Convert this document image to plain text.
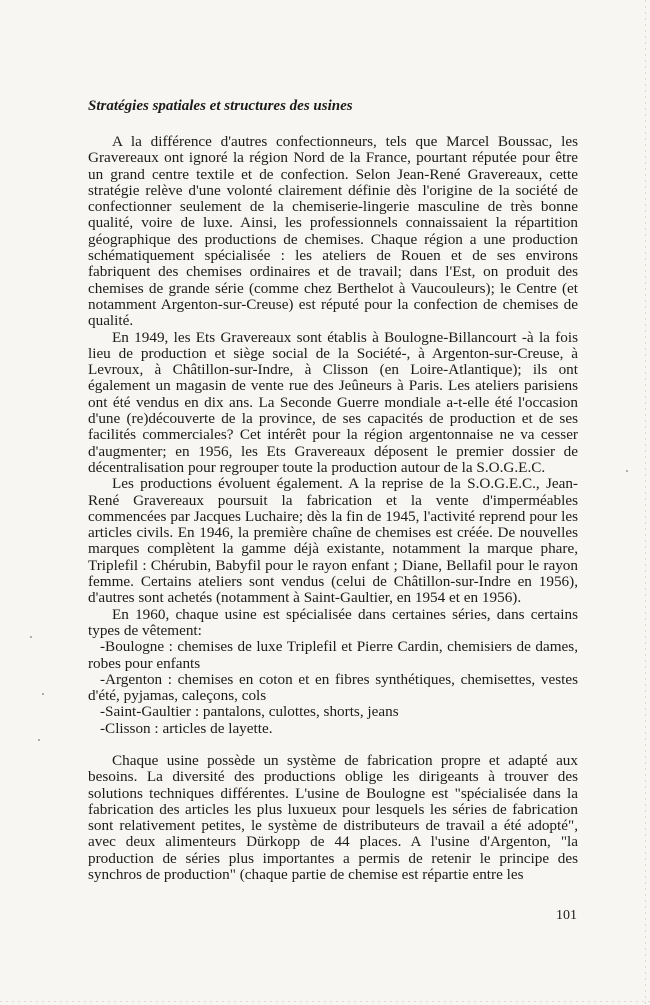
Stratégies spatiales et structures des usines

A la différence d'autres confectionneurs, tels que Marcel Boussac, les Gravereaux ont ignoré la région Nord de la France, pourtant réputée pour être un grand centre textile et de confection. Selon Jean-René Gravereaux, cette stratégie relève d'une volonté clairement définie dès l'origine de la société de confectionner seulement de la chemiserie-lingerie masculine de très bonne qualité, voire de luxe. Ainsi, les professionnels connaissaient la répartition géographique des productions de chemises. Chaque région a une production schématiquement spécialisée : les ateliers de Rouen et de ses environs fabriquent des chemises ordinaires et de travail; dans l'Est, on produit des chemises de grande série (comme chez Berthelot à Vaucouleurs); le Centre (et notamment Argenton-sur-Creuse) est réputé pour la confection de chemises de qualité.

En 1949, les Ets Gravereaux sont établis à Boulogne-Billancourt -à la fois lieu de production et siège social de la Société-, à Argenton-sur-Creuse, à Levroux, à Châtillon-sur-Indre, à Clisson (en Loire-Atlantique); ils ont également un magasin de vente rue des Jeûneurs à Paris. Les ateliers parisiens ont été vendus en dix ans. La Seconde Guerre mondiale a-t-elle été l'occasion d'une (re)découverte de la province, de ses capacités de production et de ses facilités commerciales? Cet intérêt pour la région argentonnaise ne va cesser d'augmenter; en 1956, les Ets Gravereaux déposent le premier dossier de décentralisation pour regrouper toute la production autour de la S.O.G.E.C.

Les productions évoluent également. A la reprise de la S.O.G.E.C., Jean-René Gravereaux poursuit la fabrication et la vente d'imperméables commencées par Jacques Luchaire; dès la fin de 1945, l'activité reprend pour les articles civils. En 1946, la première chaîne de chemises est créée. De nouvelles marques complètent la gamme déjà existante, notamment la marque phare, Triplefil : Chérubin, Babyfil pour le rayon enfant ; Diane, Bellafil pour le rayon femme. Certains ateliers sont vendus (celui de Châtillon-sur-Indre en 1956), d'autres sont achetés (notamment à Saint-Gaultier, en 1954 et en 1956).

En 1960, chaque usine est spécialisée dans certaines séries, dans certains types de vêtement:

-Boulogne : chemises de luxe Triplefil et Pierre Cardin, chemisiers de dames, robes pour enfants
-Argenton : chemises en coton et en fibres synthétiques, chemisettes, vestes d'été, pyjamas, caleçons, cols
-Saint-Gaultier : pantalons, culottes, shorts, jeans
-Clisson : articles de layette.

Chaque usine possède un système de fabrication propre et adapté aux besoins. La diversité des productions oblige les dirigeants à trouver des solutions techniques différentes. L'usine de Boulogne est "spécialisée dans la fabrication des articles les plus luxueux pour lesquels les séries de fabrication sont relativement petites, le système de distributeurs de travail a été adopté", avec deux alimenteurs Dürkopp de 44 places. A l'usine d'Argenton, "la production de séries plus importantes a permis de retenir le principe des synchros de production" (chaque partie de chemise est répartie entre les

101
